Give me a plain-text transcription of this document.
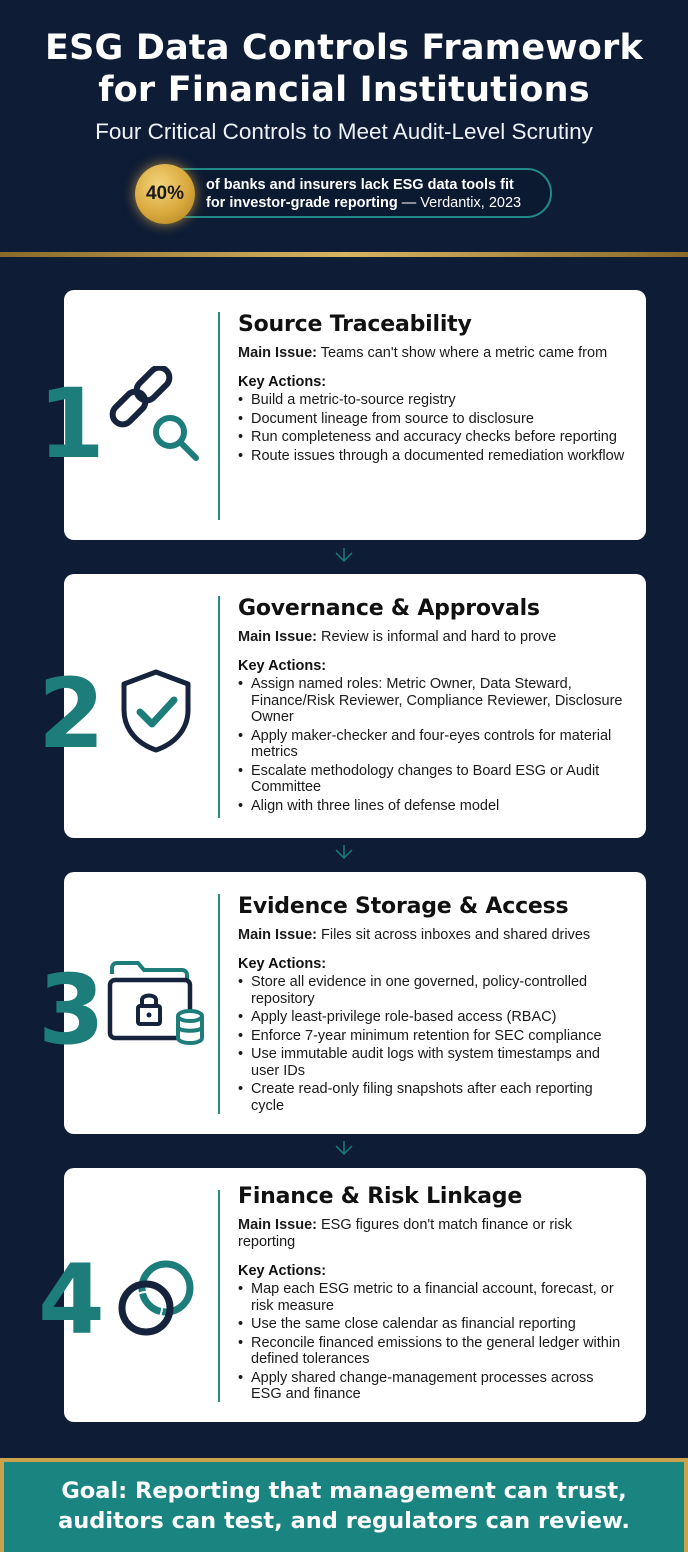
ESG Data Controls Framework
for Financial Institutions
Four Critical Controls to Meet Audit-Level Scrutiny
40%	of banks and insurers lack ESG data tools fit
for investor-grade reporting — Verdantix, 2023
1
Source Traceability
Main Issue: Teams can't show where a metric came from
Key Actions:
• Build a metric-to-source registry
• Document lineage from source to disclosure
• Run completeness and accuracy checks before reporting
• Route issues through a documented remediation workflow
2
Governance & Approvals
Main Issue: Review is informal and hard to prove
Key Actions:
• Assign named roles: Metric Owner, Data Steward, Finance/Risk Reviewer, Compliance Reviewer, Disclosure Owner
• Apply maker-checker and four-eyes controls for material metrics
• Escalate methodology changes to Board ESG or Audit Committee
• Align with three lines of defense model
3
Evidence Storage & Access
Main Issue: Files sit across inboxes and shared drives
Key Actions:
• Store all evidence in one governed, policy-controlled repository
• Apply least-privilege role-based access (RBAC)
• Enforce 7-year minimum retention for SEC compliance
• Use immutable audit logs with system timestamps and user IDs
• Create read-only filing snapshots after each reporting cycle
4
Finance & Risk Linkage
Main Issue: ESG figures don't match finance or risk reporting
Key Actions:
• Map each ESG metric to a financial account, forecast, or risk measure
• Use the same close calendar as financial reporting
• Reconcile financed emissions to the general ledger within defined tolerances
• Apply shared change-management processes across ESG and finance
Goal: Reporting that management can trust,
auditors can test, and regulators can review.
